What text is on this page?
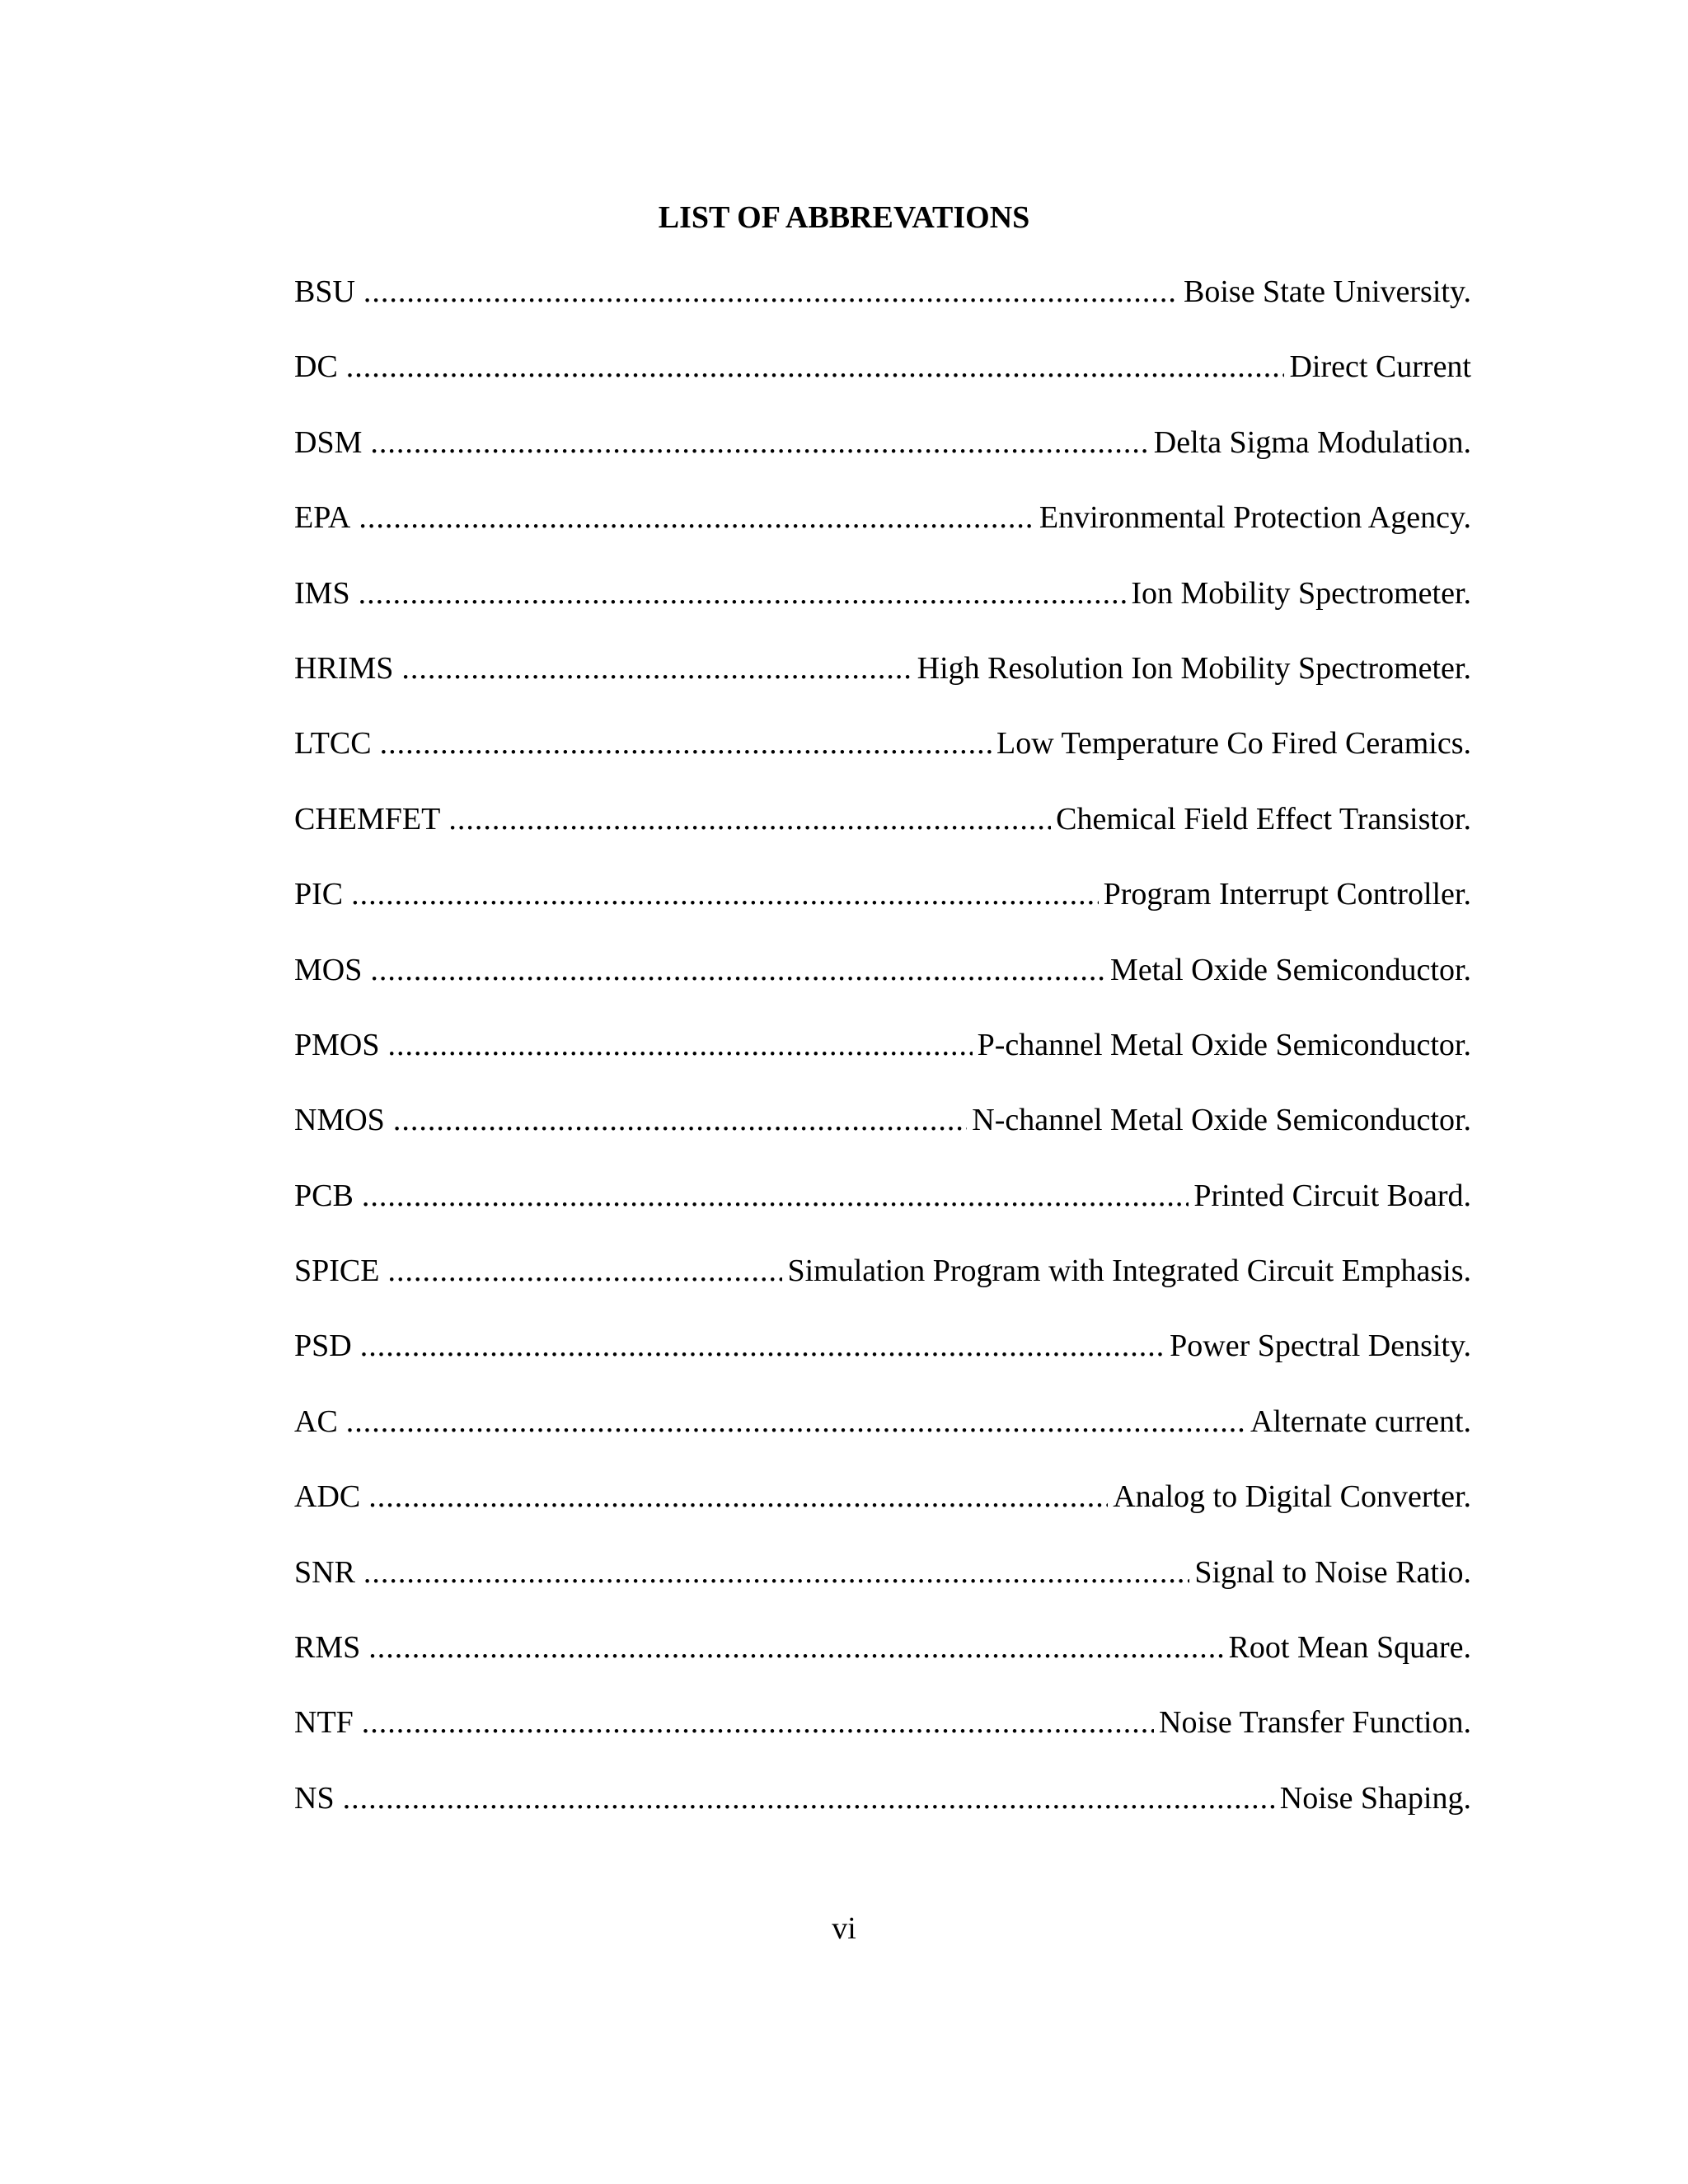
LIST OF ABBREVATIONS
BSU .....	Boise State University.
DC .....	Direct Current
DSM .....	Delta Sigma Modulation.
EPA .....	Environmental Protection Agency.
IMS .....	Ion Mobility Spectrometer.
HRIMS .....	High Resolution Ion Mobility Spectrometer.
LTCC .....	Low Temperature Co Fired Ceramics.
CHEMFET .....	Chemical Field Effect Transistor.
PIC .....	Program Interrupt Controller.
MOS .....	Metal Oxide Semiconductor.
PMOS .....	P-channel Metal Oxide Semiconductor.
NMOS .....	N-channel Metal Oxide Semiconductor.
PCB .....	Printed Circuit Board.
SPICE .....	Simulation Program with Integrated Circuit Emphasis.
PSD .....	Power Spectral Density.
AC .....	Alternate current.
ADC .....	Analog to Digital Converter.
SNR .....	Signal to Noise Ratio.
RMS .....	Root Mean Square.
NTF .....	Noise Transfer Function.
NS .....	Noise Shaping.
vi
